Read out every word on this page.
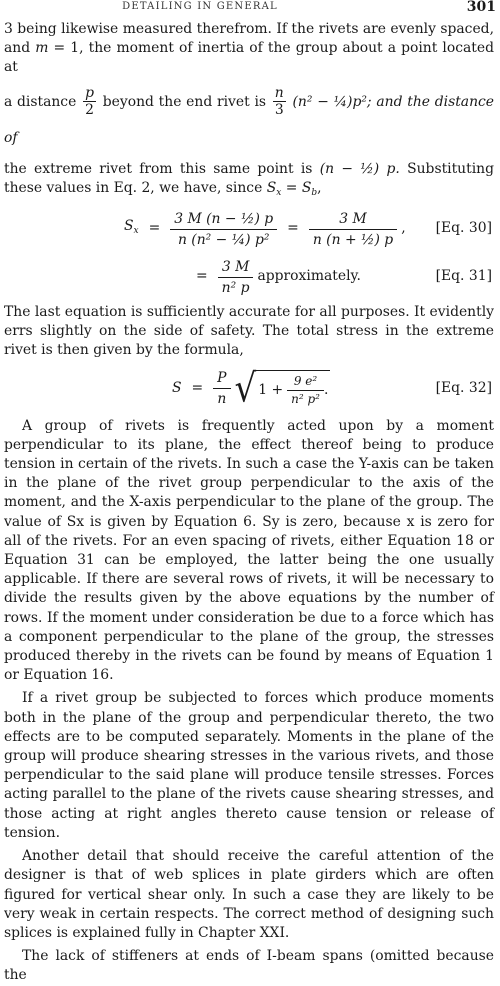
DETAILING IN GENERAL	301

3 being likewise measured therefrom. If the rivets are evenly spaced, and m = 1, the moment of inertia of the group about a point located at

a distance $\frac{p}{2}$ beyond the end rivet is $\frac{n}{3} (n^2$ − ¼)p²; and the distance of

the extreme rivet from this same point is (n − ½) p. Substituting these values in Eq. 2, we have, since $S_x = S_b$,

$S_x = \frac{\text{3 M (n − ½) p}}{\text{n (n² − ¼) p²}} = \frac{3 M}{\text{n (n + ½) p}}$ , [Eq. 30]
= $\frac{3 M}{\text{n² p}}$ approximately.	[Eq. 31]

The last equation is sufficiently accurate for all purposes. It evidently errs slightly on the side of safety. The total stress in the extreme rivet is then given by the formula,

$S = \frac{P}{n}$ √ $1 + \frac{\text{9 e²}}{\text{n² p²}}$ .	[Eq. 32]

A group of rivets is frequently acted upon by a moment perpendicular to its plane, the effect thereof being to produce tension in certain of the rivets. In such a case the Y-axis can be taken in the plane of the rivet group perpendicular to the axis of the moment, and the X-axis perpendicular to the plane of the group. The value of Sx is given by Equation 6. Sy is zero, because x is zero for all of the rivets. For an even spacing of rivets, either Equation 18 or Equation 31 can be employed, the latter being the one usually applicable. If there are several rows of rivets, it will be necessary to divide the results given by the above equations by the number of rows. If the moment under consideration be due to a force which has a component perpendicular to the plane of the group, the stresses produced thereby in the rivets can be found by means of Equation 1 or Equation 16.

If a rivet group be subjected to forces which produce moments both in the plane of the group and perpendicular thereto, the two effects are to be computed separately. Moments in the plane of the group will produce shearing stresses in the various rivets, and those perpendicular to the said plane will produce tensile stresses. Forces acting parallel to the plane of the rivets cause shearing stresses, and those acting at right angles thereto cause tension or release of tension.

Another detail that should receive the careful attention of the designer is that of web splices in plate girders which are often figured for vertical shear only. In such a case they are likely to be very weak in certain respects. The correct method of designing such splices is explained fully in Chapter XXI.

The lack of stiffeners at ends of I-beam spans (omitted because the
